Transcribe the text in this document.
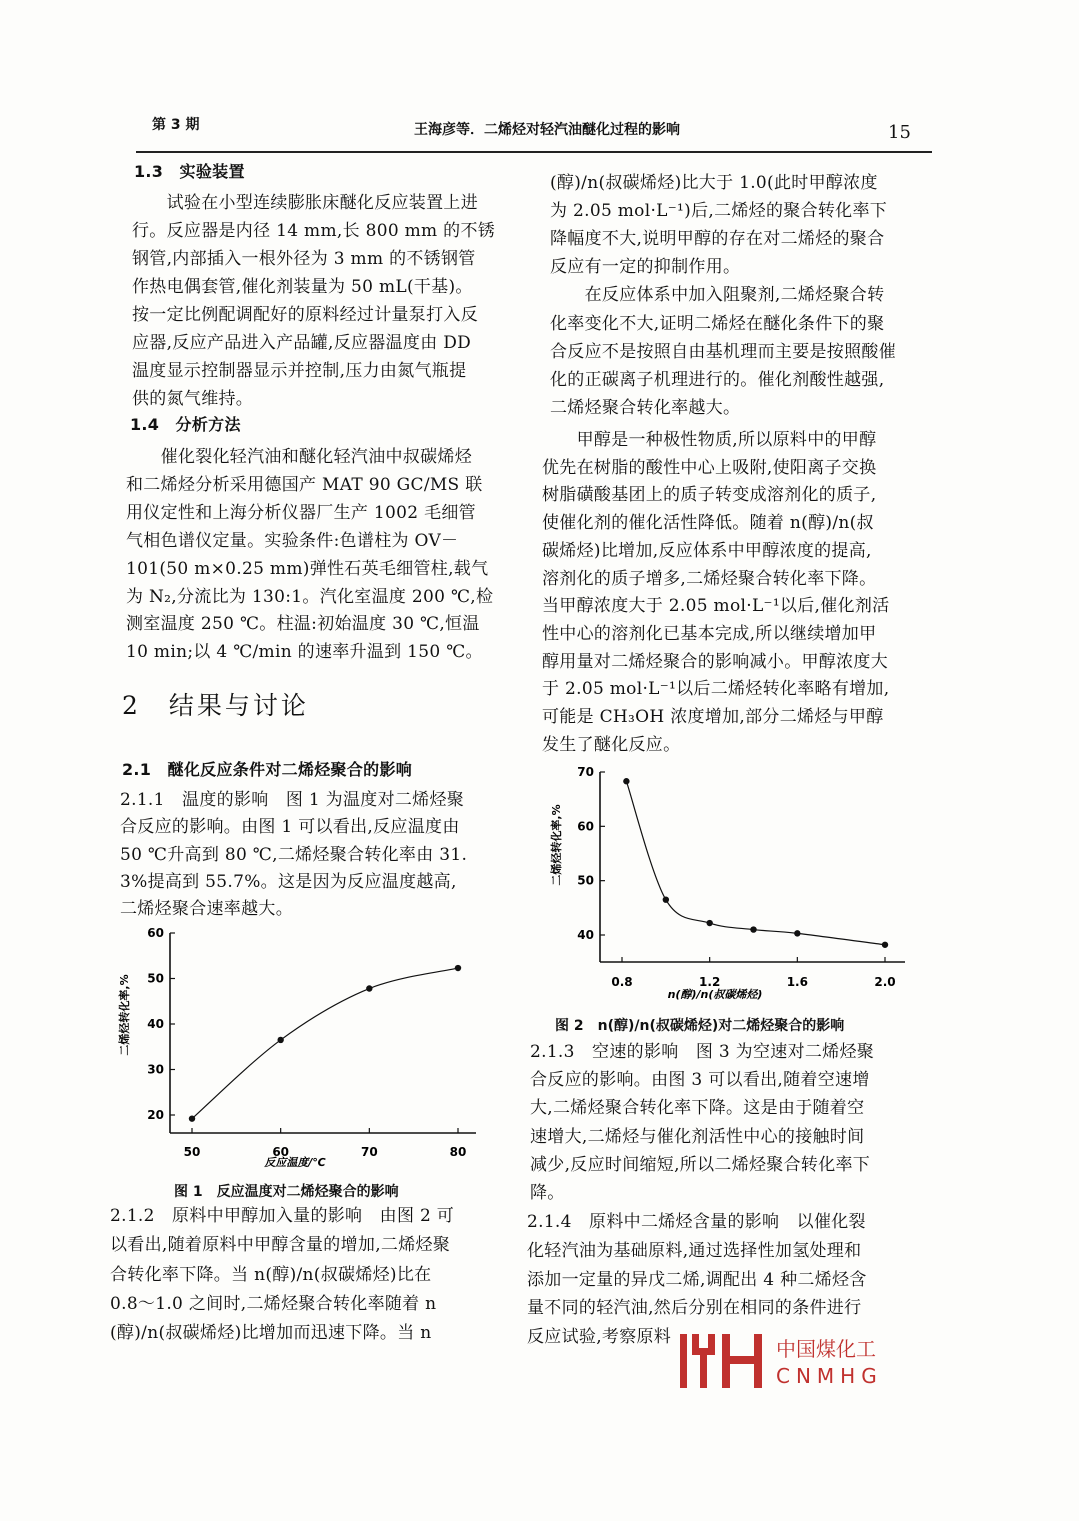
第 3 期	王海彦等．二烯烃对轻汽油醚化过程的影响	15
1.3　实验装置
　　试验在小型连续膨胀床醚化反应装置上进
行。反应器是内径 14 mm,长 800 mm 的不锈
钢管,内部插入一根外径为 3 mm 的不锈钢管
作热电偶套管,催化剂装量为 50 mL(干基)。
按一定比例配调配好的原料经过计量泵打入反
应器,反应产品进入产品罐,反应器温度由 DD
温度显示控制器显示并控制,压力由氮气瓶提
供的氮气维持。
1.4　分析方法
　　催化裂化轻汽油和醚化轻汽油中叔碳烯烃
和二烯烃分析采用德国产 MAT 90 GC/MS 联
用仪定性和上海分析仪器厂生产 1002 毛细管
气相色谱仪定量。实验条件:色谱柱为 OV－
101(50 m×0.25 mm)弹性石英毛细管柱,载气
为 N₂,分流比为 130:1。汽化室温度 200 ℃,检
测室温度 250 ℃。柱温:初始温度 30 ℃,恒温
10 min;以 4 ℃/min 的速率升温到 150 ℃。
2　结果与讨论
2.1　醚化反应条件对二烯烃聚合的影响
2.1.1　温度的影响　图 1 为温度对二烯烃聚
合反应的影响。由图 1 可以看出,反应温度由
50 ℃升高到 80 ℃,二烯烃聚合转化率由 31.
3%提高到 55.7%。这是因为反应温度越高,
二烯烃聚合速率越大。
2.1.2　原料中甲醇加入量的影响　由图 2 可
以看出,随着原料中甲醇含量的增加,二烯烃聚
合转化率下降。当 n(醇)/n(叔碳烯烃)比在
0.8～1.0 之间时,二烯烃聚合转化率随着 n
(醇)/n(叔碳烯烃)比增加而迅速下降。当 n
(醇)/n(叔碳烯烃)比大于 1.0(此时甲醇浓度
为 2.05 mol·L⁻¹)后,二烯烃的聚合转化率下
降幅度不大,说明甲醇的存在对二烯烃的聚合
反应有一定的抑制作用。
　　在反应体系中加入阻聚剂,二烯烃聚合转
化率变化不大,证明二烯烃在醚化条件下的聚
合反应不是按照自由基机理而主要是按照酸催
化的正碳离子机理进行的。催化剂酸性越强,
二烯烃聚合转化率越大。
　　甲醇是一种极性物质,所以原料中的甲醇
优先在树脂的酸性中心上吸附,使阳离子交换
树脂磺酸基团上的质子转变成溶剂化的质子,
使催化剂的催化活性降低。随着 n(醇)/n(叔
碳烯烃)比增加,反应体系中甲醇浓度的提高,
溶剂化的质子增多,二烯烃聚合转化率下降。
当甲醇浓度大于 2.05 mol·L⁻¹以后,催化剂活
性中心的溶剂化已基本完成,所以继续增加甲
醇用量对二烯烃聚合的影响减小。甲醇浓度大
于 2.05 mol·L⁻¹以后二烯烃转化率略有增加,
可能是 CH₃OH 浓度增加,部分二烯烃与甲醇
发生了醚化反应。
2.1.3　空速的影响　图 3 为空速对二烯烃聚
合反应的影响。由图 3 可以看出,随着空速增
大,二烯烃聚合转化率下降。这是由于随着空
速增大,二烯烃与催化剂活性中心的接触时间
减少,反应时间缩短,所以二烯烃聚合转化率下
降。
2.1.4　原料中二烯烃含量的影响　以催化裂
化轻汽油为基础原料,通过选择性加氢处理和
添加一定量的异戊二烯,调配出 4 种二烯烃含
量不同的轻汽油,然后分别在相同的条件进行
反应试验,考察原料
20
30
40
50
60
50	60	70	80
反应温度/℃
二烯烃转化率,%
40
50
60
70
0.8	1.2	1.6	2.0
n(醇)/n(叔碳烯烃)
二烯烃转化率,%
图 1　反应温度对二烯烃聚合的影响
图 2　n(醇)/n(叔碳烯烃)对二烯烃聚合的影响
中国煤化工
CNMHG
